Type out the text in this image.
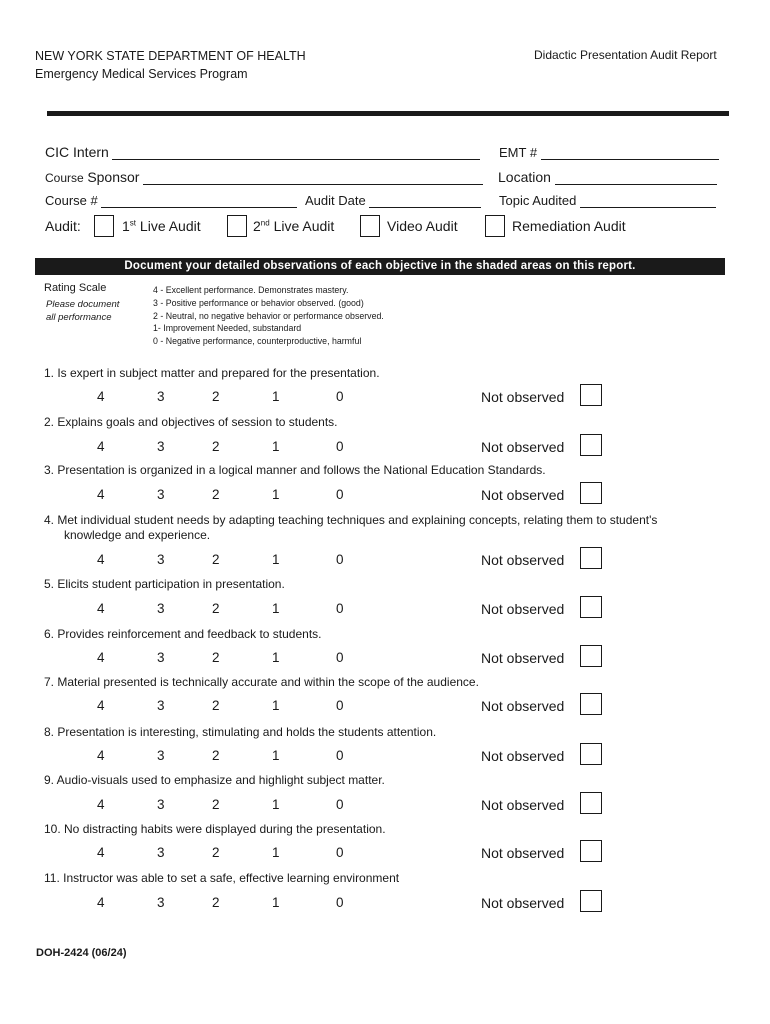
NEW YORK STATE DEPARTMENT OF HEALTH
Emergency Medical Services Program
Didactic Presentation Audit Report
CIC Intern	EMT #
Course Sponsor	Location
Course #	Audit Date	Topic Audited
Audit:	1st Live Audit	2nd Live Audit	Video Audit	Remediation Audit
Document your detailed observations of each objective in the shaded areas on this report.
Rating Scale
Please document
all performance
4 - Excellent performance. Demonstrates mastery.
3 - Positive performance or behavior observed. (good)
2 - Neutral, no negative behavior or performance observed.
1- Improvement Needed, substandard
0 - Negative performance, counterproductive, harmful
1. Is expert in subject matter and prepared for the presentation.
4	3	2	1	0	Not observed
2. Explains goals and objectives of session to students.
4	3	2	1	0	Not observed
3. Presentation is organized in a logical manner and follows the National Education Standards.
4	3	2	1	0	Not observed
4. Met individual student needs by adapting teaching techniques and explaining concepts, relating them to student's
knowledge and experience.
4	3	2	1	0	Not observed
5. Elicits student participation in presentation.
4	3	2	1	0	Not observed
6. Provides reinforcement and feedback to students.
4	3	2	1	0	Not observed
7. Material presented is technically accurate and within the scope of the audience.
4	3	2	1	0	Not observed
8. Presentation is interesting, stimulating and holds the students attention.
4	3	2	1	0	Not observed
9. Audio-visuals used to emphasize and highlight subject matter.
4	3	2	1	0	Not observed
10. No distracting habits were displayed during the presentation.
4	3	2	1	0	Not observed
11. Instructor was able to set a safe, effective learning environment
4	3	2	1	0	Not observed
DOH-2424 (06/24)
